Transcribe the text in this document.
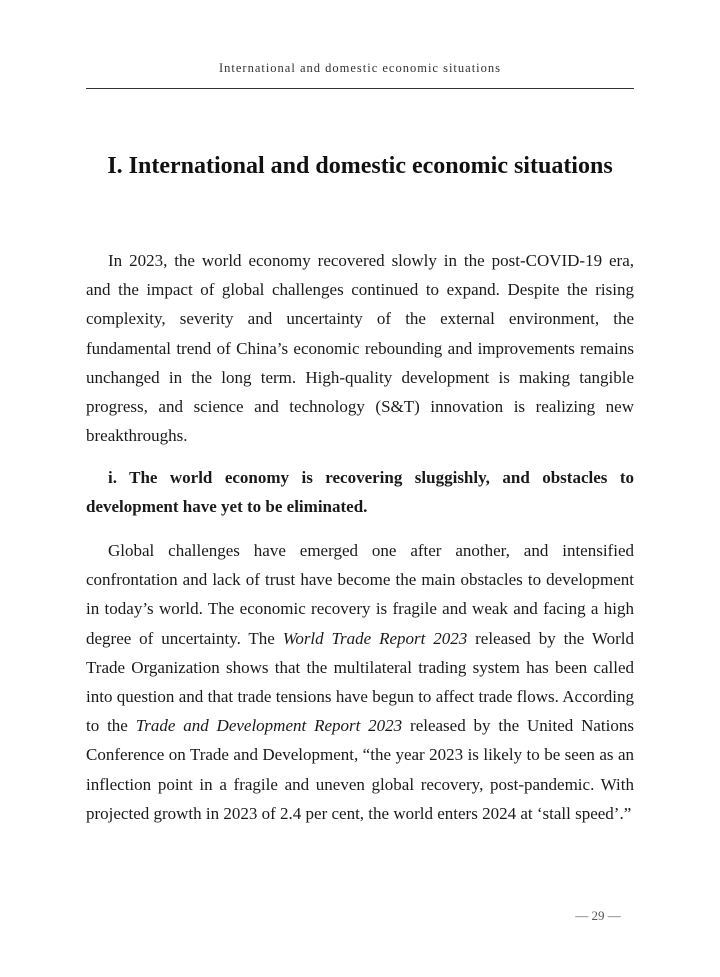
International and domestic economic situations
I. International and domestic economic situations

In 2023, the world economy recovered slowly in the post-COVID-19 era, and the impact of global challenges continued to expand. Despite the rising complexity, severity and uncertainty of the external environment, the fundamental trend of China’s economic rebounding and improvements remains unchanged in the long term. High-quality development is making tangible progress, and science and technology (S&T) innovation is realizing new breakthroughs.

i. The world economy is recovering sluggishly, and obstacles to development have yet to be eliminated.

Global challenges have emerged one after another, and intensified confrontation and lack of trust have become the main obstacles to development in today’s world. The economic recovery is fragile and weak and facing a high degree of uncertainty. The World Trade Report 2023 released by the World Trade Organization shows that the multilateral trading system has been called into question and that trade tensions have begun to affect trade flows. According to the Trade and Development Report 2023 released by the United Nations Conference on Trade and Development, “the year 2023 is likely to be seen as an inflection point in a fragile and uneven global recovery, post-pandemic. With projected growth in 2023 of 2.4 per cent, the world enters 2024 at ‘stall speed’.”

— 29 —
